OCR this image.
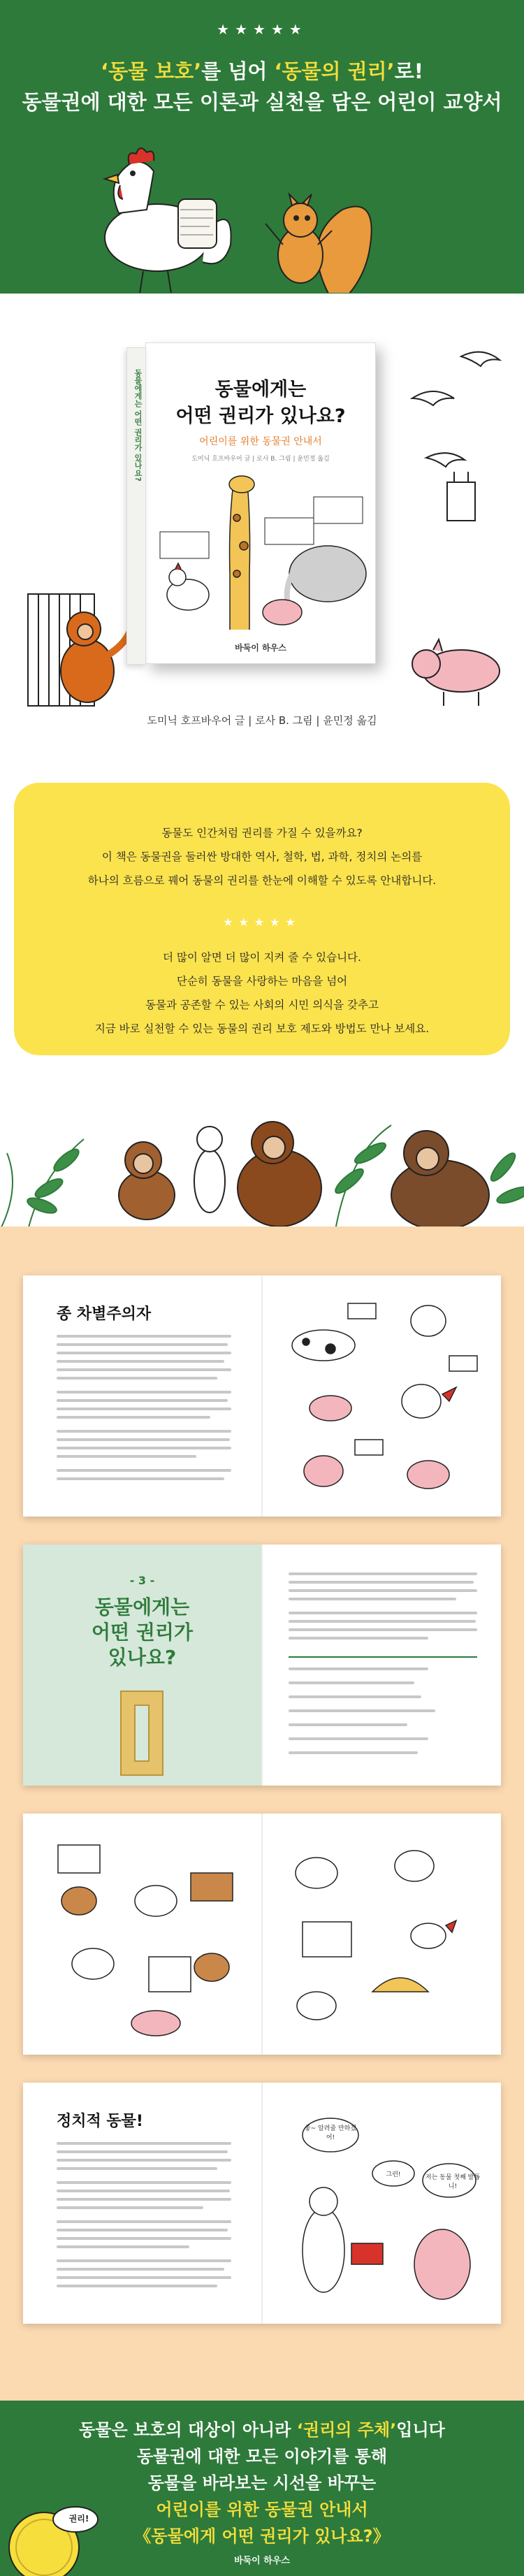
★★★★★
‘동물 보호’를 넘어 ‘동물의 권리’로!
동물권에 대한 모든 이론과 실천을 담은 어린이 교양서
동물에게는 어떤 권리가 있나요?	동물에게는
어떤 권리가 있나요?
어린이를 위한 동물권 안내서
도미닉 호프바우어 글 | 로사 B. 그림 | 윤민정 옮김
바둑이 하우스
도미닉 호프바우어 글 | 로사 B. 그림 | 윤민정 옮김
동물도 인간처럼 권리를 가질 수 있을까요?
이 책은 동물권을 둘러싼 방대한 역사, 철학, 법, 과학, 정치의 논의를
하나의 흐름으로 꿰어 동물의 권리를 한눈에 이해할 수 있도록 안내합니다.
★★★★★
더 많이 알면 더 많이 지켜 줄 수 있습니다.
단순히 동물을 사랑하는 마음을 넘어
동물과 공존할 수 있는 사회의 시민 의식을 갖추고
지금 바로 실천할 수 있는 동물의 권리 보호 제도와 방법도 만나 보세요.
종 차별주의자
- 3 -
동물에게는
어떤 권리가
있나요?
정치적 동물!	좋~ 알려줄 만하겠어!
그런!	저는 동물 첫째 발톱니!
동물은 보호의 대상이 아니라 ‘권리의 주체’입니다
동물권에 대한 모든 이야기를 통해
동물을 바라보는 시선을 바꾸는
어린이를 위한 동물권 안내서
《동물에게 어떤 권리가 있나요?》
바둑이 하우스
권리!
